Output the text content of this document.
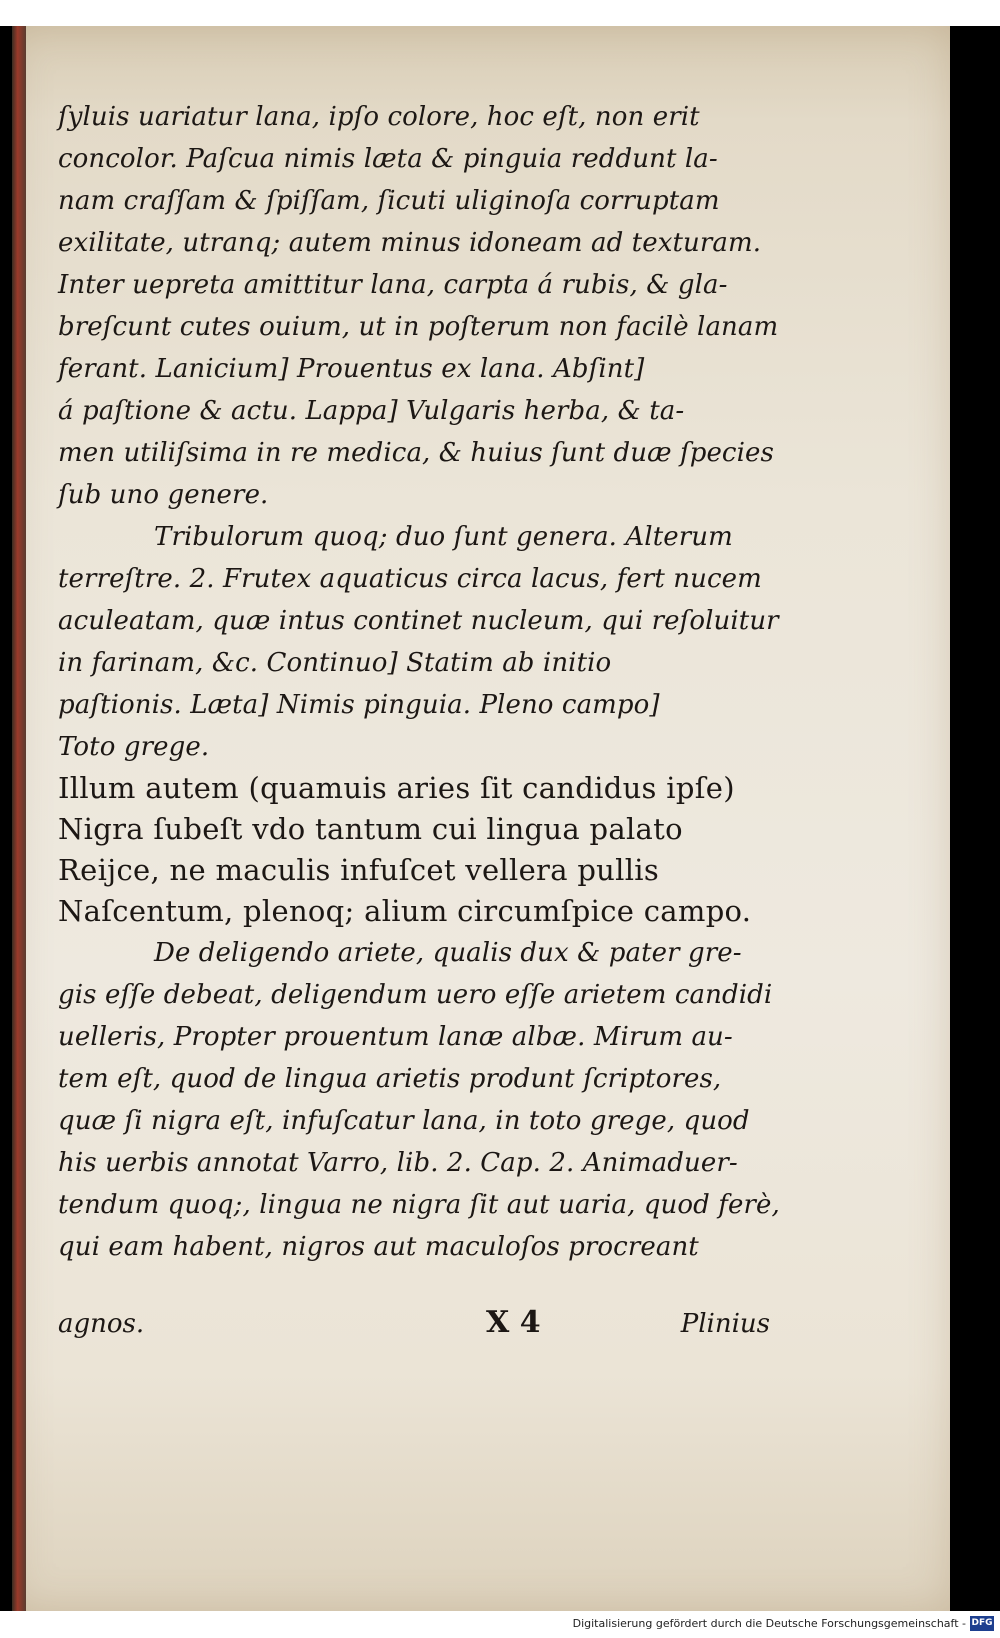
ſyluis uariatur lana, ipſo colore, hoc eſt, non erit
concolor. Paſcua nimis læta & pinguia reddunt la-
nam craſſam & ſpiſſam, ſicuti uliginoſa corruptam
exilitate, utranq; autem minus idoneam ad texturam.
Inter uepreta amittitur lana, carpta á rubis, & gla-
breſcunt cutes ouium, ut in poſterum non facilè lanam
ferant. Lanicium] Prouentus ex lana. Abſint]
á paſtione & actu. Lappa] Vulgaris herba, & ta-
men utiliſsima in re medica, & huius ſunt duæ ſpecies
ſub uno genere.
Tribulorum quoq; duo ſunt genera. Alterum
terreſtre. 2. Frutex aquaticus circa lacus, fert nucem
aculeatam, quæ intus continet nucleum, qui reſoluitur
in farinam, &c. Continuo] Statim ab initio
paſtionis. Læta] Nimis pinguia. Pleno campo]
Toto grege.
Illum autem (quamuis aries ſit candidus ipſe)
Nigra ſubeſt vdo tantum cui lingua palato
Reijce, ne maculis infuſcet vellera pullis
Naſcentum, plenoq; alium circumſpice campo.
De deligendo ariete, qualis dux & pater gre-
gis eſſe debeat, deligendum uero eſſe arietem candidi
uelleris, Propter prouentum lanæ albæ. Mirum au-
tem eſt, quod de lingua arietis produnt ſcriptores,
quæ ſi nigra eſt, infuſcatur lana, in toto grege, quod
his uerbis annotat Varro, lib. 2. Cap. 2. Animaduer-
tendum quoq;, lingua ne nigra ſit aut uaria, quod ferè,
qui eam habent, nigros aut maculoſos procreant
agnos.	X 4	Plinius
Digitalisierung gefördert durch die Deutsche Forschungsgemeinschaft - DFG
